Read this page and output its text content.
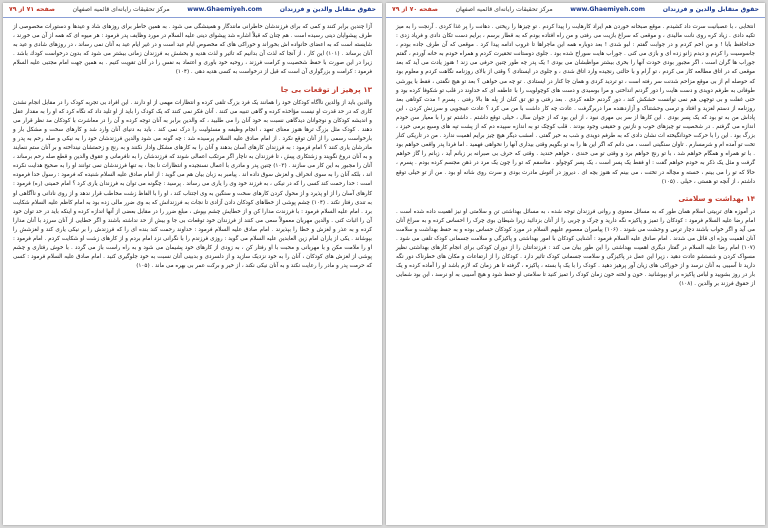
صفحه ۷۱ از ۷۹	مركز تحقيقات رايانه‌اى قائميه اصفهان	www.Ghaemiyeh.com	حقوق متقابل والدين و فرزندان

آزا چندين برابر كنند و كمى كه براى فرزندشان خاطرانى مانندگار و همينشگى مى شود . به همين خاطر براى روزهاى شاد و عيدها و دستورات مخصوصى از طرف پيشوايان دينى رسيده است . هم چنان كه قبلاً اشاره شد پيشواى دينى عليه السلام در مورد وظايف پدر فرمود : هر ميوه اى كه همه از آن مى خورند ، شايسته است كه به اعضاى خانواده اش بخوراند و خوراكى هاى كه مخصوص ايام عيد است و در غير ايام عيد به آنان نمى رساند ، در روزهاى شادى و عيد به آنان برساند . (۱۰۱) اين كار ، از آنجا كه لذت آن بدانيم كه تاثير و لذت هديه و بخشش به فرزندان زمانى بيشتر مى شود كه بدون درخواست كودك باشد . زيرا در اين صورت با حفظ شخصيت و كرامت فرزند ، روحيه خود باورى و اعتماد به نفس را در آنان تقويت كنيم . به همين جهت امام مجتبى عليه السلام فرمود : كرامت و بزرگوارى آن است كه قبل از درخواست به كسى هديه دهى . (۱۰۴)

۱۳ پرهيز از توقعات بى جا

والدين بايد از والدين ناآگاه كودكان خود را همانند يک فرد بزرگ تلقى كرده و انتظارات مهمى از او دارند . اين افراد بى تجربه كودک را در مقابل انجام نشدن كارى كه در حد قدرت او نيست مؤاخذه كرده و گاهى تنبيه مى كنند . آنان فكر نمى كنند كه يک كودک را بايد از او تليد داد كه نگاه كرد كه او را به مقدار عقل و انديشه كودكان و نوجوانان ديدگاهى نسبت به خود آنان را مى طلبيد ، كه والدين برابر به آنان توجه كرده و آن را در معاشرت با كودكان مد نظر قرار مى دهند . كودک مثل بزرگ ترها هنوز معناى تعهد ، انجام وظيفه و مسئوليت را درک نمى كند . بايد به دنياى آنان وارد شد و كارهاى سخت و مشكل بار و بارخواست رسمى را از آنان توقع نكرد . از امام صادق عليه السلام پرسيده شد : چه گونه مى شود والدين فرزندشان خود را به نيكى و صله رحم به پدر و مادرشان يارى كنند ؟ امام فرمود : به فرزندان كارهاى آسان بدهند و آنان را به كارهاى مشكل وادار نكنند و به رنج و زحمتشان نينداخته و بر آنان ستم ننمايند و به آنان دروغ نگويند و زشتكارى پيش ، تا فرزندان به ناچار اگر مرتكب اعمالى شوند كه فرزندشان را به نافرمانى و عقوق والدين و قطع صله رحم برساند ، آنان را مجبور به اين كار مى سازند . (۱۰۳) چنين پدر و مادرى با اعمال نسنجيده و انتظارات نا بجا ، به تنها فرزندشان نمى توانند او را به صحيح هدايت نكرده اند ، بلكه آنان را به سوى انحراف و لغزش سوق داده اند . پيامبر به زبان بيان هم مى گويد : از امام صادق عليه السلام شنيده كه فرمود : رسول خدا فرموده است : خدا رحمت كند كسى را كه در نيكى ، به فرزند خود وى را يارى مى رساند . پرسيد : چگونه مى توان به فرزندان يارى كرد ؟ امام خمينى (ره) فرمود : كارهاى آسان را از او پذيرد و از محول كردن كارهاى سخت و سنگين به وى اجتناب كند ، او را با الفاظ زشت مخاطب قرار ندهد و از روى نادانى و ناآگاهى او به تندى رفتار نكند . (۱۰۴) چشم پوشى از خطاهاى كودكان دادن آزادى تا نجات به فرزندانش كه به وى ضرر مالى زده بود به امام كاظم عليه السلام شكايت برد . امام عليه السلام فرمود : با فرزندت مدارا كن و از خطايش چشم بپوش ، مبلغ ضرر را در مقابل بعضى از آنها اندازه كرده و اينكه بايد در حد توان خود آن را اثبات كنى . والدين مهربان معمولاً سعى مى كنند از فرزندان خود توقعات بى جا و بيش از حد نداشته باشند و اگر خطايى از آنان سرزد با آنان مدارا كرده و به عذر و لغزش و خطا را بپذيرند . امام صادق عليه السلام فرمود : خداوند رحمت كند بنده اى را كه فرزندش را بر نيكى يارى كند و لغزشش را بپوشاند . يكى از ياران امام زين العابدين عليه السلام مى گويد : روزى فرزندم را با نگرانى نزد امام بردم و از كارهاى زشت او شكايت كردم . امام فرمود : او را ملامت مكن و با مهربانى و محبت با او رفتار كن ، به زودى از كارهاى خود پشيمان مى شود و به راه راست باز مى گردد . با خوش رفتارى و چشم پوشى از لغزش هاى كودكان ، آنان را به خود نزديک سازيد و از دلسردى و بدبينى آنان نسبت به خود جلوگيرى كنيد . امام صادق عليه السلام فرمود : كسى كه حرمت پدر و مادر را رعايت نكند و به آنان نيكى نكند ، از خير و بركت عمر بى بهره مى ماند . (۱۰۵)

صفحه ۷۰ از ۷۹	مركز تحقيقات رايانه‌اى قائميه اصفهان	www.Ghaemiyeh.com	حقوق متقابل والدين و فرزندان

انتخابى ، با عصبانيت سرت داد كشيدم . موقع صبحانه خوردن هم ايراد كارهايت را پيدا كردم . تو چيزها را ريختى . دهانت را پر غذا كردى . آرنجت را به ميز تكيه دادى . زياد كره روى نانت ماليدى ، و موقعى كه سراغ بازيت مى رفتى و من راه افتاده بودم كه به قطار برسم ، برايم دست تكان دادى و فرياد زدى : خداحافظ بابا ! و من اخم كردم و در جوابت گفتم : لبو شدى ! بعد دوباره همه اين ماجراها تا غروب ادامه پيدا كرد . موقعى كه آن طرف جاده بودم ، جاسوسيت را كردم و ديدم زانو زده اى و بازى مى كنى . جوراب هايت سوراخ شده بود . جلوى دوستانت تحقيرت كردم و همراه خودم به خانه آوردم ، گفتم جوراب ها گران است ، اگر مجبور بودى خودت آنها را بخرى بيشتر مواظبشان مى بودى ! يک پدر چه طور چنين حرفى مى زند ! هنوز يادت مى آيد كه بعد موقعى كه در اتاق مطالعه كار مى كردم ، تو آرام و با حالتى رنجيده وارد اتاق شدى ، و جلوى در ايستادى ؟ وقتى از بالاى روزنامه نگاهت كردم و معلوم بود كه حوصله ام از بى موقع مزاحم شدنت سر رفته است ، تو ترديد كردى و همان جا كنار در ايستادى . تو چه مى خواهى ؟ بعد تو هيچ نگفتى ، فقط با يورشى طوفانى به طرفم دويدى و دست هايت را دور گردنم انداختى و مرا بوسيدى و دست هاى كوچولويت را با عاطفه اى كه خداوند در قلب تو شكوفا كرده بود و حتى غفلت و بى توجهى هم نمى توانست خشكش كند ، دور گردنم حلقه كردى . بعد رفتى و تق تق كنان از پله ها بالا رفتى . پسرم ! مدت كوتاهى بعد روزنامه از دستم لغزيد و افتاد و ترسى وحشتناک و آزاردهنده مرا دربرگرفت . عادت چه كار داشت با من مى كرد ؟ عادت عيبجويى و سرزنش كردن ، اين پاداش من به تو بود كه يک پسر بودى . اين كارها از سر بى مهرى نبود ، از اين بود كه از جوان سال ، خيلى توقع داشتم . داشتم تو را با معيار سن خودم اندازه مى گرفتم . در شخصيت تو چيزهاى خوب و نازنين و حقيقى وجود بودند . قلب كوچک تو به اندازه سپيده دم كه از پشت تپه هاى وسيع برمى خيزد ، بزرگ بود . اين را با حركت خودانگيخته ات نشان دادى كه به طرفم دويدى و شب به خير گفتى . امشب ديگر هيچ چيز برايم اهميت ندارد . من در تاريكى كنار تخت تو آمده ام و شرمسارم . تاوان سنگينى است ، مى دانم كه اگر اين ها را به تو بگويم وقتى بيدارى آنها را نخواهى فهميد . اما فردا پدر واقعى خواهم بود . با تو همراه و همگام خواهم شد ، با تو رنج خواهم برد و وقتى تو مى خندى ، خواهم خنديد . وقتى كه حرف بى صبرانه بر زبانم آيد ، زبانم را گاز خواهم گرفت و مثل يک ذكر به خودم خواهم گفت : او فقط يک پسر است ، يک پسر كوچولو . متاسفم كه تو را چون يک مرد در ذهن مجسم كرده بودم . پسرم ، حالا كه تو را مى بينم ، خسته و مچاله در تختت ، مى بينم كه هنوز بچه اى . ديروز در آغوش مادرت بودى و سرت روى شانه او بود . من از تو خيلى توقع داشتم ، از آنچه تو هستى ، خيلى . (۱۰۵)

۱۴ بهداشت و سلامتى

در آموزه هاى تربيتى اسلام همان طور كه به مسائل معنوى و روانى فرزندان توجه شده ، به مسائل بهداشتى تن و سلامتى او نيز اهميت داده شده است . امام رضا عليه السلام فرمود : كودكان را تميز و پاكيزه نگه داريد و چرک و چربى را از آنان بزدائيد زيرا شيطان بوى چرک را احساس كرده و به سراغ آنان مى آيد و اگر خواب باشند دچار ترس و وحشت مى شوند . (۱۰۶) پيامبران معصوم عليهم السلام در مورد كودكان حساس بوده و به حفظ بهداشت و سلامت آنان اهميت ويژه اى قائل مى شدند . امام صادق عليه السلام فرمود : آشنايى كودكان با امور بهداشتى و پاكيزگى و سلامت جسمانى كودک تلقى مى شود . (۱۰۷) امام رضا عليه السلام در گفتار ديگرى اهميت بهداشتى را اين طور بيان مى كند : فرزندانتان را از دوران كودكى براى انجام كارهاى بهداشتى نظير مسواک كردن و شستشو عادت دهيد ، زيرا اين عمل در پاكيزگى و سلامت جسمانى كودک تاثير دارد . كودكان را از ارتفاعات و مكان هاى خطرناک دور نگه داريد تا آسيبى به آنان نرسد و از خوراكى هاى زيان آور پرهيز دهيد . كودک را با يک پا بسته ، پاكيزه ، گرفته تا هر زمان كه لازم باشد او را آماده كرده و يک بار در روز بشوييد و لباس پاكيزه بر او بپوشانيد . خون و لخته خون زمان كودک را تميز كنيد تا سلامتى او حفظ شود و هيچ آسيبى به او نرسد ، اين بود شمايى از حقوق فرزند بر والدين . (۱۰۸)
